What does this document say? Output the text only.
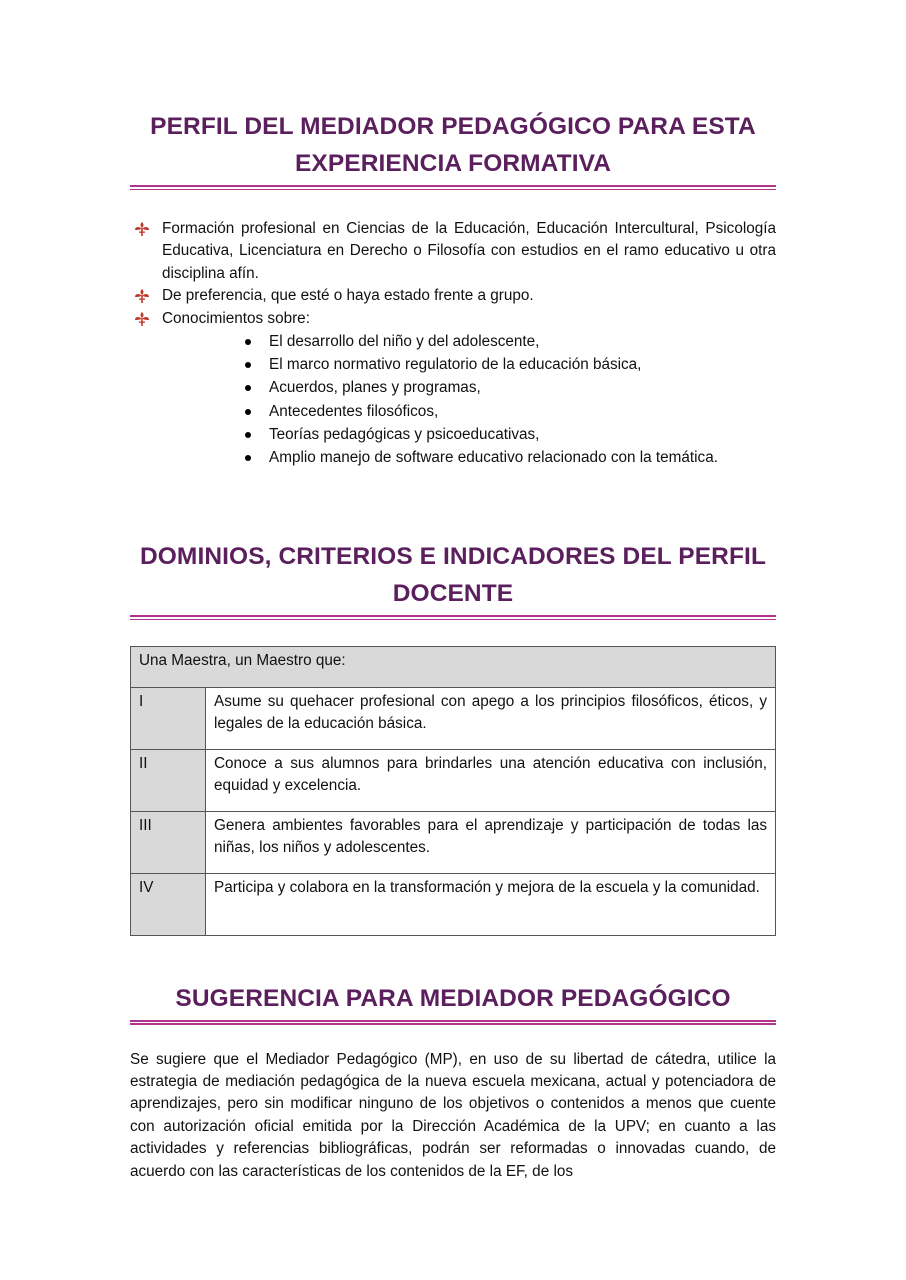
PERFIL DEL MEDIADOR PEDAGÓGICO PARA ESTA
EXPERIENCIA FORMATIVA
Formación profesional en Ciencias de la Educación, Educación Intercultural, Psicología Educativa, Licenciatura en Derecho o Filosofía con estudios en el ramo educativo u otra disciplina afín.
De preferencia, que esté o haya estado frente a grupo.
Conocimientos sobre:
El desarrollo del niño y del adolescente,
El marco normativo regulatorio de la educación básica,
Acuerdos, planes y programas,
Antecedentes filosóficos,
Teorías pedagógicas y psicoeducativas,
Amplio manejo de software educativo relacionado con la temática.
DOMINIOS, CRITERIOS E INDICADORES DEL PERFIL
DOCENTE
Una Maestra, un Maestro que:	
I	Asume su quehacer profesional con apego a los principios filosóficos, éticos, y legales de la educación básica.
II	Conoce a sus alumnos para brindarles una atención educativa con inclusión, equidad y excelencia.
III	Genera ambientes favorables para el aprendizaje y participación de todas las niñas, los niños y adolescentes.
IV	Participa y colabora en la transformación y mejora de la escuela y la comunidad.
SUGERENCIA PARA MEDIADOR PEDAGÓGICO

Se sugiere que el Mediador Pedagógico (MP), en uso de su libertad de cátedra, utilice la estrategia de mediación pedagógica de la nueva escuela mexicana, actual y potenciadora de aprendizajes, pero sin modificar ninguno de los objetivos o contenidos a menos que cuente con autorización oficial emitida por la Dirección Académica de la UPV; en cuanto a las actividades y referencias bibliográficas, podrán ser reformadas o innovadas cuando, de acuerdo con las características de los contenidos de la EF, de los
